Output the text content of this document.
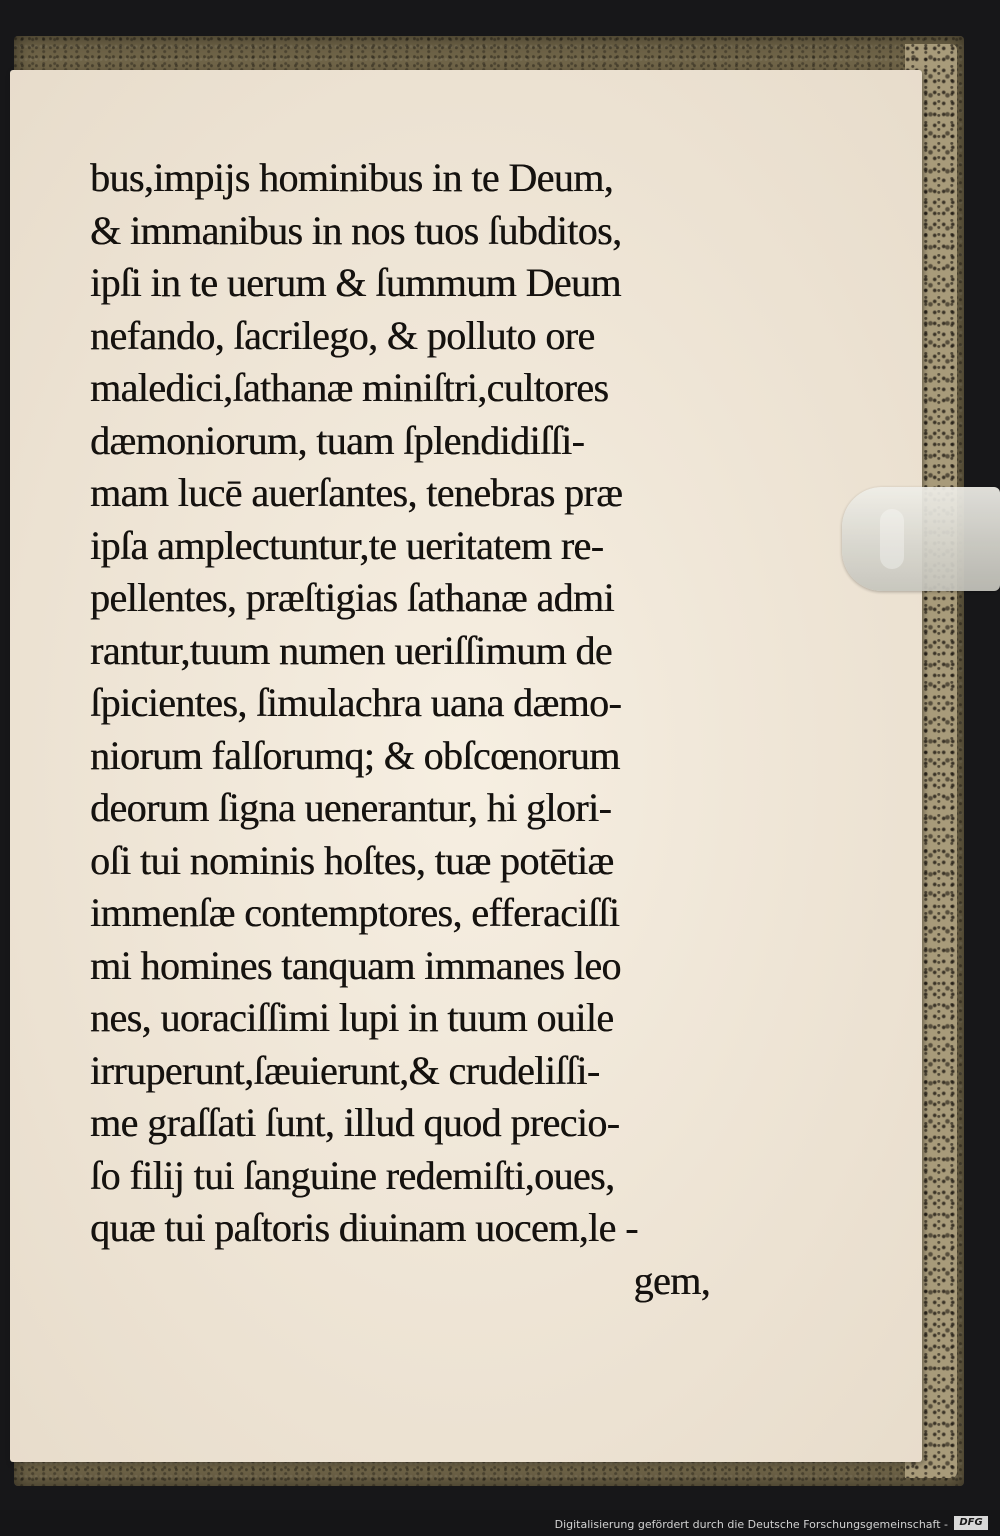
bus,impijs hominibus in te Deum,
& immanibus in nos tuos ſubditos,
ipſi in te uerum & ſummum Deum
nefando, ſacrilego, & polluto ore
maledici,ſathanæ miniſtri,cultores
dæmoniorum, tuam ſplendidiſſi-
mam lucē auerſantes, tenebras præ
ipſa amplectuntur,te ueritatem re-
pellentes, præſtigias ſathanæ admi
rantur,tuum numen ueriſſimum de
ſpicientes, ſimulachra uana dæmo-
niorum falſorumq; & obſcœnorum
deorum ſigna uenerantur, hi glori-
oſi tui nominis hoſtes, tuæ potētiæ
immenſæ contemptores, efferaciſſi
mi homines tanquam immanes leo
nes, uoraciſſimi lupi in tuum ouile
irruperunt,ſæuierunt,& crudeliſſi-
me graſſati ſunt, illud quod precio-
ſo filij tui ſanguine redemiſti,oues,
quæ tui paſtoris diuinam uocem,le -
gem,
Digitalisierung gefördert durch die Deutsche Forschungsgemeinschaft -	DFG
